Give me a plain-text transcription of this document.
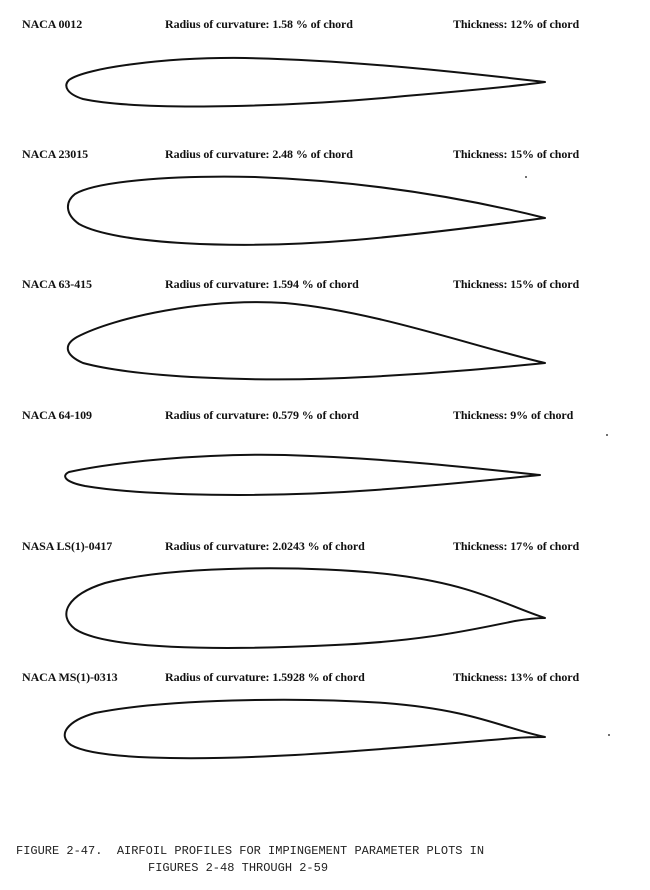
NACA 0012	Radius of curvature: 1.58 % of chord	Thickness: 12% of chord
NACA 23015	Radius of curvature: 2.48 % of chord	Thickness: 15% of chord
NACA 63-415	Radius of curvature: 1.594 % of chord	Thickness: 15% of chord
NACA 64-109	Radius of curvature: 0.579 % of chord	Thickness: 9% of chord
NASA LS(1)-0417	Radius of curvature: 2.0243 % of chord	Thickness: 17% of chord
NACA MS(1)-0313	Radius of curvature: 1.5928 % of chord	Thickness: 13% of chord
FIGURE 2-47.  AIRFOIL PROFILES FOR IMPINGEMENT PARAMETER PLOTS IN
FIGURES 2-48 THROUGH 2-59
